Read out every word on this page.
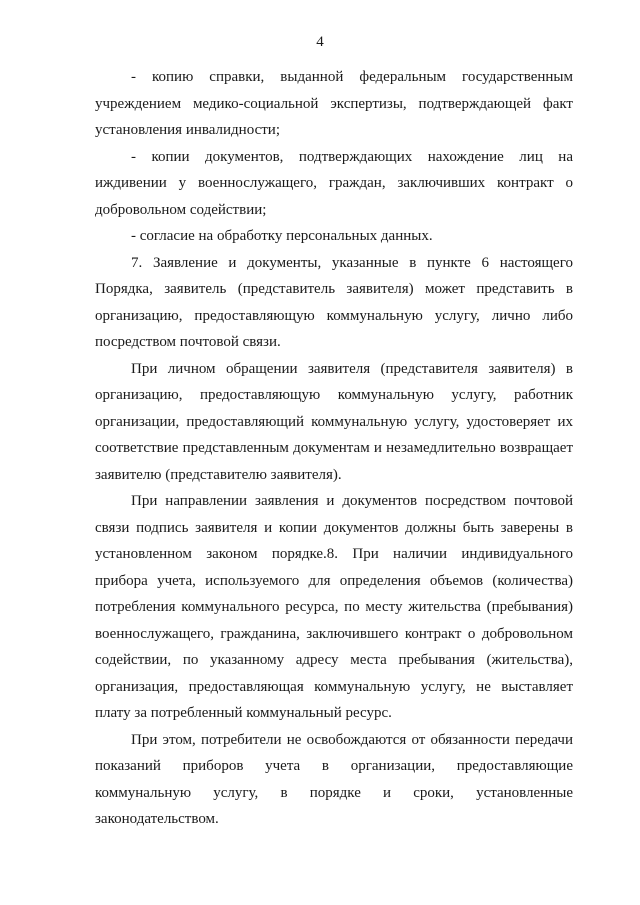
4

- копию справки, выданной федеральным государственным учреждением медико-социальной экспертизы, подтверждающей факт установления инвалидности;

- копии документов, подтверждающих нахождение лиц на иждивении у военнослужащего, граждан, заключивших контракт о добровольном содействии;

- согласие на обработку персональных данных.

7. Заявление и документы, указанные в пункте 6 настоящего Порядка, заявитель (представитель заявителя) может представить в организацию, предоставляющую коммунальную услугу, лично либо посредством почтовой связи.

При личном обращении заявителя (представителя заявителя) в организацию, предоставляющую коммунальную услугу, работник организации, предоставляющий коммунальную услугу, удостоверяет их соответствие представленным документам и незамедлительно возвращает заявителю (представителю заявителя).

При направлении заявления и документов посредством почтовой связи подпись заявителя и копии документов должны быть заверены в установленном законом порядке.8. При наличии индивидуального прибора учета, используемого для определения объемов (количества) потребления коммунального ресурса, по месту жительства (пребывания) военнослужащего, гражданина, заключившего контракт о добровольном содействии, по указанному адресу места пребывания (жительства), организация, предоставляющая коммунальную услугу, не выставляет плату за потребленный коммунальный ресурс.

При этом, потребители не освобождаются от обязанности передачи показаний приборов учета в организации, предоставляющие коммунальную услугу, в порядке и сроки, установленные законодательством.
